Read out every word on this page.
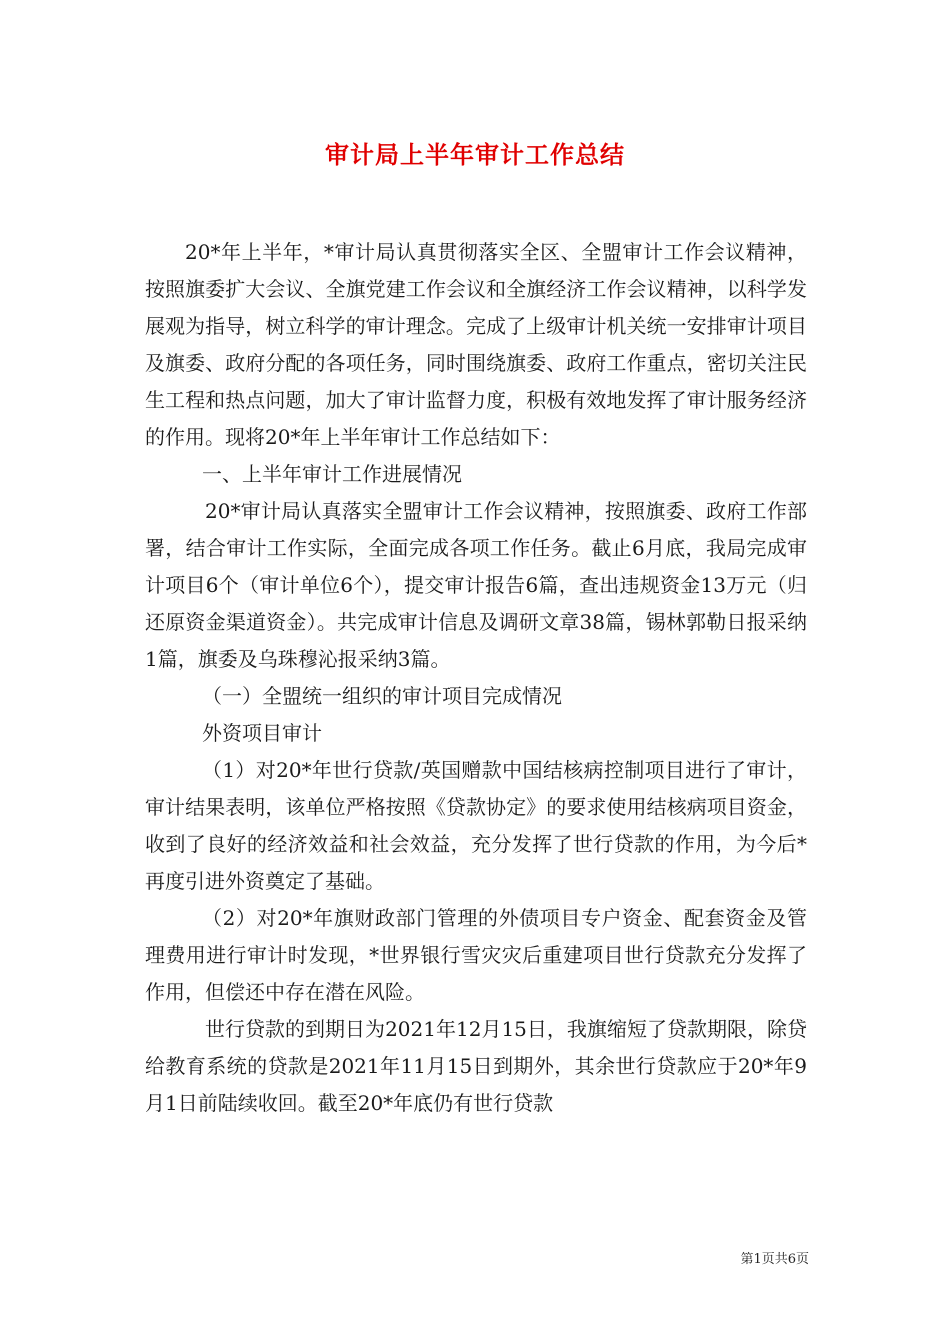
审计局上半年审计工作总结

20*年上半年，*审计局认真贯彻落实全区、全盟审计工作会议精神，按照旗委扩大会议、全旗党建工作会议和全旗经济工作会议精神，以科学发展观为指导，树立科学的审计理念。完成了上级审计机关统一安排审计项目及旗委、政府分配的各项任务，同时围绕旗委、政府工作重点，密切关注民生工程和热点问题，加大了审计监督力度，积极有效地发挥了审计服务经济的作用。现将20*年上半年审计工作总结如下：

一、上半年审计工作进展情况

20*审计局认真落实全盟审计工作会议精神，按照旗委、政府工作部署，结合审计工作实际，全面完成各项工作任务。截止6月底，我局完成审计项目6个（审计单位6个），提交审计报告6篇，查出违规资金13万元（归还原资金渠道资金）。共完成审计信息及调研文章38篇，锡林郭勒日报采纳1篇，旗委及乌珠穆沁报采纳3篇。

（一）全盟统一组织的审计项目完成情况

外资项目审计

（1）对20*年世行贷款/英国赠款中国结核病控制项目进行了审计，审计结果表明，该单位严格按照《贷款协定》的要求使用结核病项目资金，收到了良好的经济效益和社会效益，充分发挥了世行贷款的作用，为今后*再度引进外资奠定了基础。

（2）对20*年旗财政部门管理的外债项目专户资金、配套资金及管理费用进行审计时发现，*世界银行雪灾灾后重建项目世行贷款充分发挥了作用，但偿还中存在潜在风险。

世行贷款的到期日为2021年12月15日，我旗缩短了贷款期限，除贷给教育系统的贷款是2021年11月15日到期外，其余世行贷款应于20*年9月1日前陆续收回。截至20*年底仍有世行贷款

第1页共6页
